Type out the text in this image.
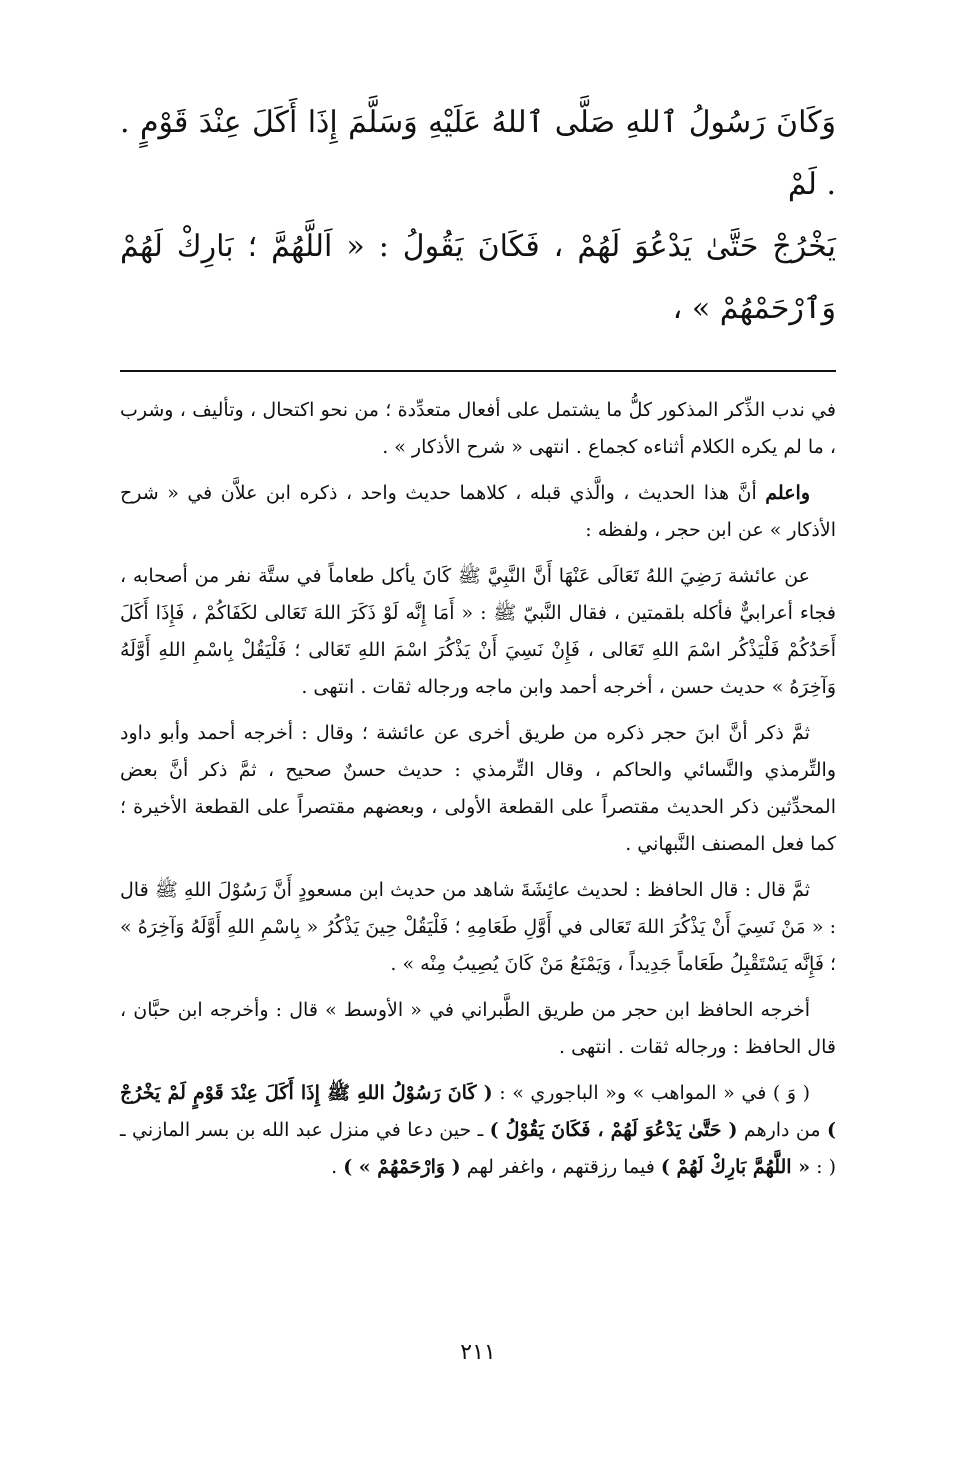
وَكَانَ رَسُولُ ٱللهِ صَلَّى ٱللهُ عَلَيْهِ وَسَلَّمَ إِذَا أَكَلَ عِنْدَ قَوْمٍ . . لَمْ
يَخْرُجْ حَتَّىٰ يَدْعُوَ لَهُمْ ، فَكَانَ يَقُولُ : « اَللَّهُمَّ ؛ بَارِكْ لَهُمْ وَٱرْحَمْهُمْ » ،

في ندب الذِّكر المذكور كلُّ ما يشتمل على أفعال متعدِّدة ؛ من نحو اكتحال ، وتأليف ، وشرب ، ما لم يكره الكلام أثناءه كجماع . انتهى « شرح الأذكار » .

واعلم أنَّ هذا الحديث ، والَّذي قبله ، كلاهما حديث واحد ، ذكره ابن علاَّن في « شرح الأذكار » عن ابن حجر ، ولفظه :

عن عائشة رَضِيَ اللهُ تَعَالَى عَنْهَا أَنَّ النَّبِيَّ ﷺ كَانَ يأكل طعاماً في ستَّة نفر من أصحابه ، فجاء أعرابيٌّ فأكله بلقمتين ، فقال النَّبيّ ﷺ : « أَمَا إِنَّه لَوْ ذَكَرَ اللهَ تَعَالى لكَفَاكُمْ ، فَإِذَا أَكَلَ أَحَدُكُمْ فَلْيَذْكُر اسْمَ اللهِ تَعَالى ، فَإِنْ نَسِيَ أَنْ يَذْكُرَ اسْمَ اللهِ تَعَالى ؛ فَلْيَقُلْ بِاسْمِ اللهِ أَوَّلَهُ وَآخِرَهُ » حديث حسن ، أخرجه أحمد وابن ماجه ورجاله ثقات . انتهى .

ثمَّ ذكر أنَّ ابنَ حجر ذكره من طريق أخرى عن عائشة ؛ وقال : أخرجه أحمد وأبو داود والتِّرمذي والنَّسائي والحاكم ، وقال التِّرمذي : حديث حسنٌ صحيح ، ثمَّ ذكر أنَّ بعض المحدِّثين ذكر الحديث مقتصراً على القطعة الأولى ، وبعضهم مقتصراً على القطعة الأخيرة ؛ كما فعل المصنف النَّبهاني .

ثمَّ قال : قال الحافظ : لحديث عائِشَةَ شاهد من حديث ابن مسعودٍ أَنَّ رَسُوْلَ اللهِ ﷺ قال : « مَنْ نَسِيَ أَنْ يَذْكُرَ اللهَ تَعَالى في أَوَّلِ طَعَامِهِ ؛ فَلْيَقُلْ حِينَ يَذْكُرُ « بِاسْمِ اللهِ أَوَّلَهُ وَآخِرَهُ » ؛ فَإِنَّه يَسْتَقْبِلُ طَعَاماً جَدِيداً ، وَيَمْنَعُ مَنْ كَانَ يُصِيبُ مِنْه » .

أخرجه الحافظ ابن حجر من طريق الطَّبراني في « الأوسط » قال : وأخرجه ابن حبَّان ، قال الحافظ : ورجاله ثقات . انتهى .

( وَ ) في « المواهب » و« الباجوري » : ( كَانَ رَسُوْلُ اللهِ ﷺ إِذَا أَكَلَ عِنْدَ قَوْمٍ لَمْ يَخْرُجْ ) من دارهم ( حَتَّىٰ يَدْعُوَ لَهُمْ ، فَكَانَ يَقُوْلُ ) ـ حين دعا في منزل عبد الله بن بسر المازني ـ ( : « اللَّهُمَّ بَارِكْ لَهُمْ ) فيما رزقتهم ، واغفر لهم ( وَارْحَمْهُمْ » ) .

٢١١
